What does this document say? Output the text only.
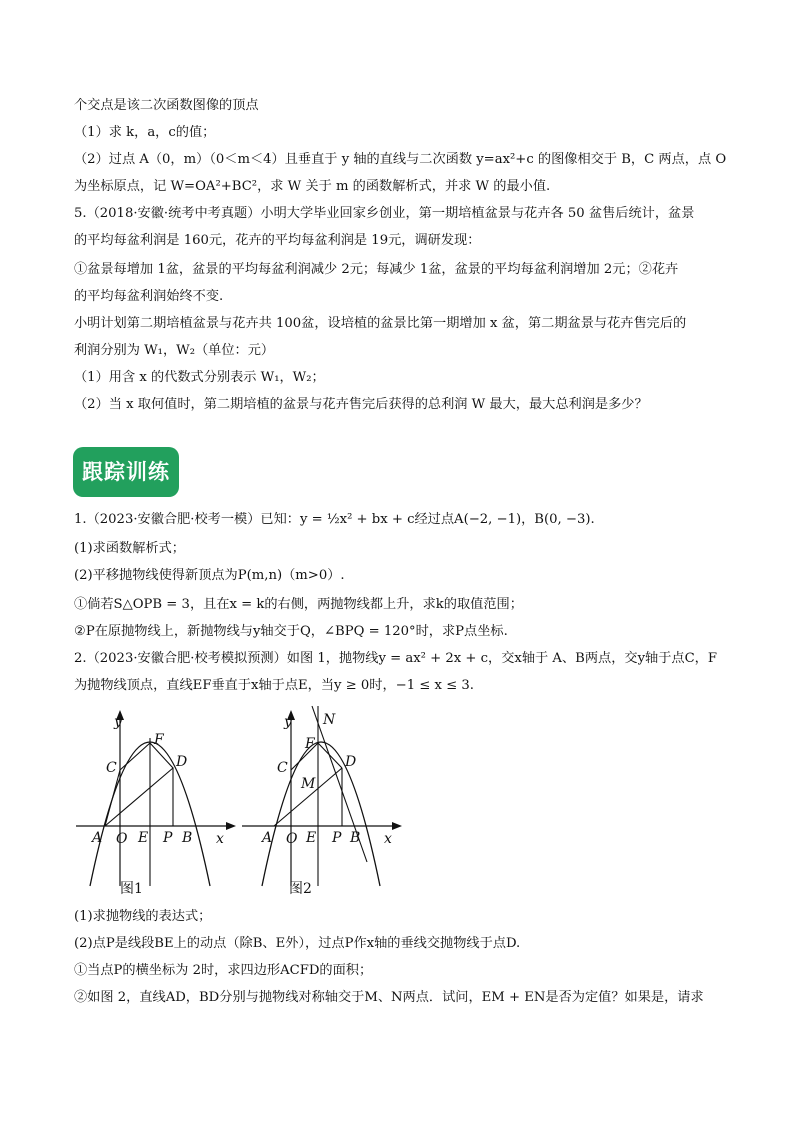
个交点是该二次函数图像的顶点
（1）求 k，a，c的值；
（2）过点 A（0，m）（0＜m＜4）且垂直于 y 轴的直线与二次函数 y=ax²+c 的图像相交于 B，C 两点，点 O
为坐标原点，记 W=OA²+BC²，求 W 关于 m 的函数解析式，并求 W 的最小值.
5.（2018·安徽·统考中考真题）小明大学毕业回家乡创业，第一期培植盆景与花卉各 50 盆售后统计，盆景
的平均每盆利润是 160元，花卉的平均每盆利润是 19元，调研发现：
①盆景每增加 1盆，盆景的平均每盆利润减少 2元；每减少 1盆，盆景的平均每盆利润增加 2元；②花卉
的平均每盆利润始终不变.
小明计划第二期培植盆景与花卉共 100盆，设培植的盆景比第一期增加 x 盆，第二期盆景与花卉售完后的
利润分别为 W₁，W₂（单位：元）
（1）用含 x 的代数式分别表示 W₁，W₂；
（2）当 x 取何值时，第二期培植的盆景与花卉售完后获得的总利润 W 最大，最大总利润是多少？
跟踪训练
1.（2023·安徽合肥·校考一模）已知：y = ½x² + bx + c经过点A(−2, −1)，B(0, −3).
(1)求函数解析式；
(2)平移抛物线使得新顶点为P(m,n)（m>0）.
①倘若S△OPB = 3，且在x = k的右侧，两抛物线都上升，求k的取值范围；
②P在原抛物线上，新抛物线与y轴交于Q，∠BPQ = 120°时，求P点坐标.
2.（2023·安徽合肥·校考模拟预测）如图 1，抛物线y = ax² + 2x + c，交x轴于 A、B两点，交y轴于点C，F
为抛物线顶点，直线EF垂直于x轴于点E，当y ≥ 0时，−1 ≤ x ≤ 3.
y
x
C
F
D
A O E P B
图1
y
x
N
F
C	D
M
A O E P B
图2
(1)求抛物线的表达式；
(2)点P是线段BE上的动点（除B、E外），过点P作x轴的垂线交抛物线于点D.
①当点P的横坐标为 2时，求四边形ACFD的面积；
②如图 2，直线AD，BD分别与抛物线对称轴交于M、N两点．试问，EM + EN是否为定值？如果是，请求
